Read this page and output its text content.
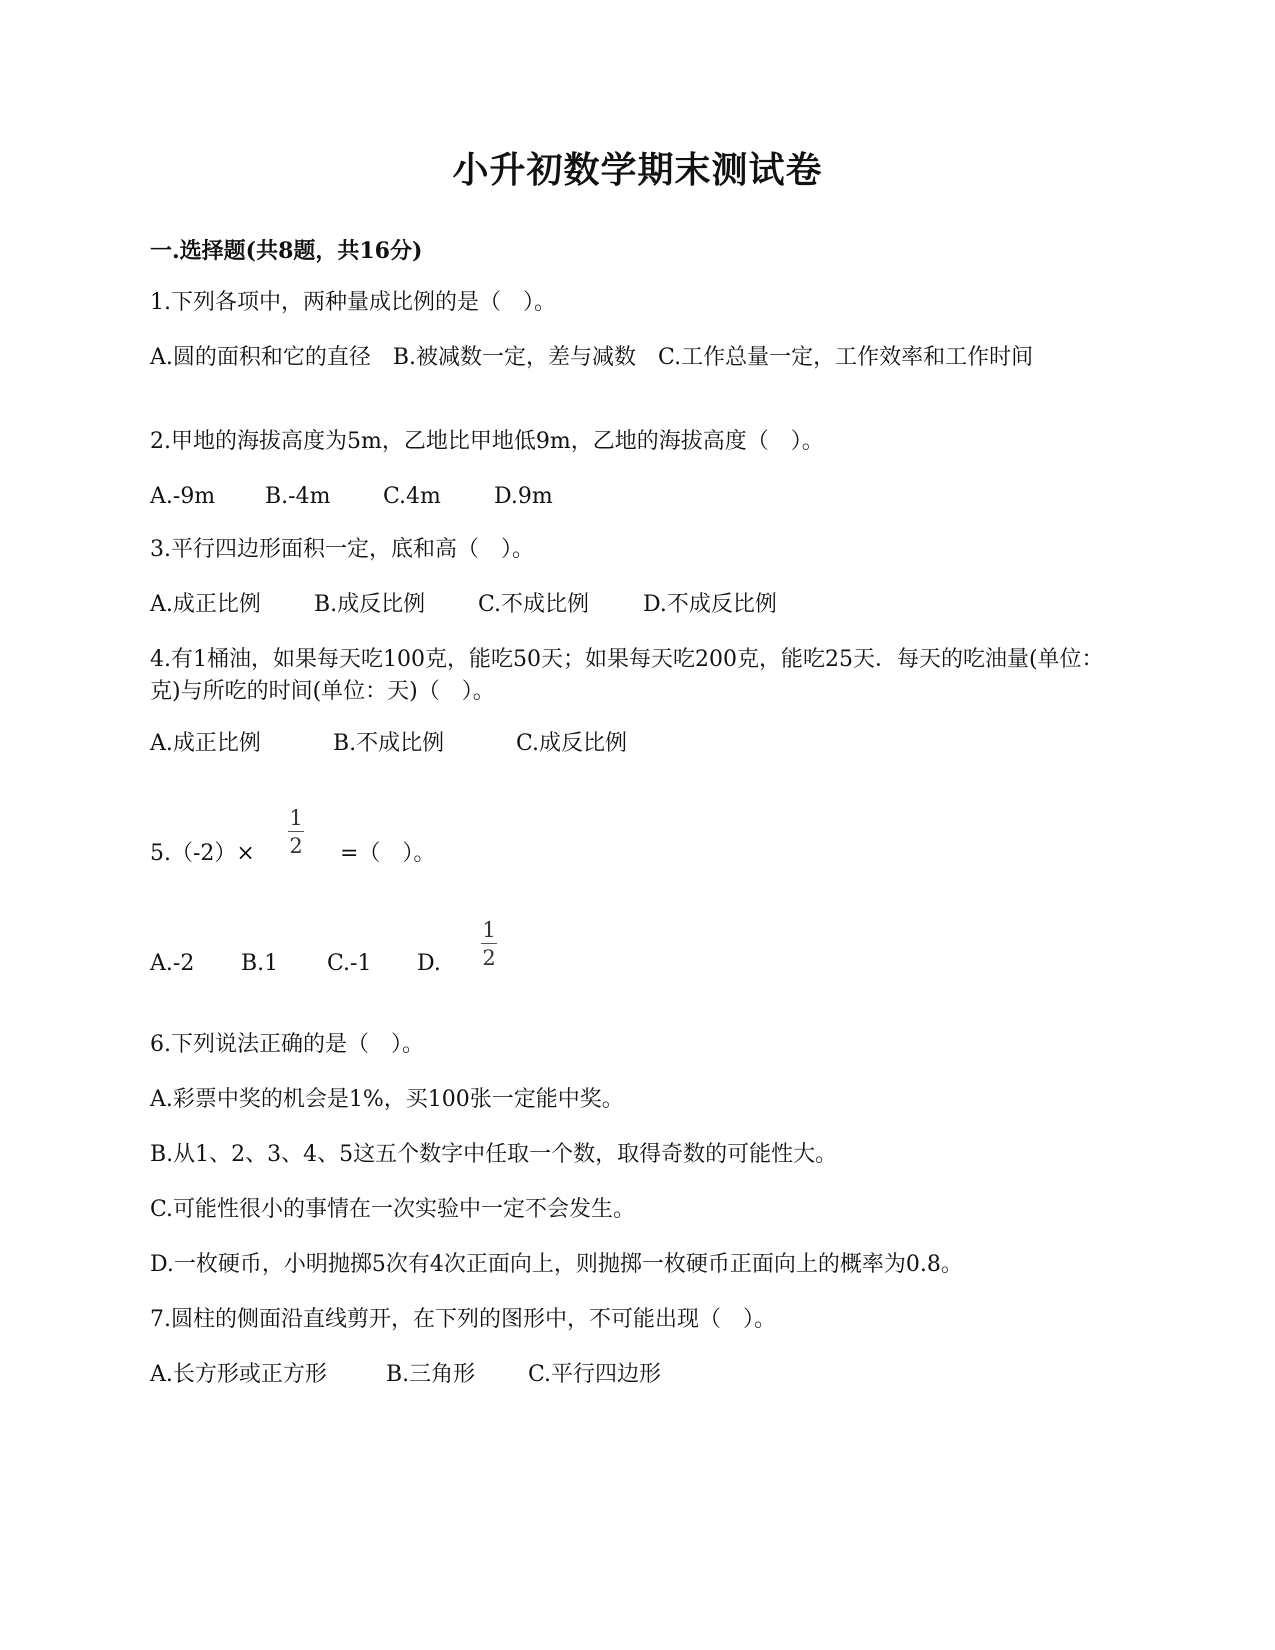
小升初数学期末测试卷
一.选择题(共8题，共16分)
1.下列各项中，两种量成比例的是（　）。
A.圆的面积和它的直径　B.被减数一定，差与减数　C.工作总量一定，工作效率和工作时间
2.甲地的海拔高度为5m，乙地比甲地低9m，乙地的海拔高度（　）。
A.-9m B.-4m C.4m D.9m
3.平行四边形面积一定，底和高（　）。
A.成正比例 B.成反比例 C.不成比例 D.不成反比例
4.有1桶油，如果每天吃100克，能吃50天；如果每天吃200克，能吃25天．每天的吃油量(单位：克)与所吃的时间(单位：天)（　）。
A.成正比例	B.不成比例	C.成反比例
5.（-2）×
1
2 =（　）。
A.-2 B.1 C.-1 D.
1
2
6.下列说法正确的是（　）。
A.彩票中奖的机会是1%，买100张一定能中奖。
B.从1、2、3、4、5这五个数字中任取一个数，取得奇数的可能性大。
C.可能性很小的事情在一次实验中一定不会发生。
D.一枚硬币，小明抛掷5次有4次正面向上，则抛掷一枚硬币正面向上的概率为0.8。
7.圆柱的侧面沿直线剪开，在下列的图形中，不可能出现（　）。
A.长方形或正方形	B.三角形 C.平行四边形
